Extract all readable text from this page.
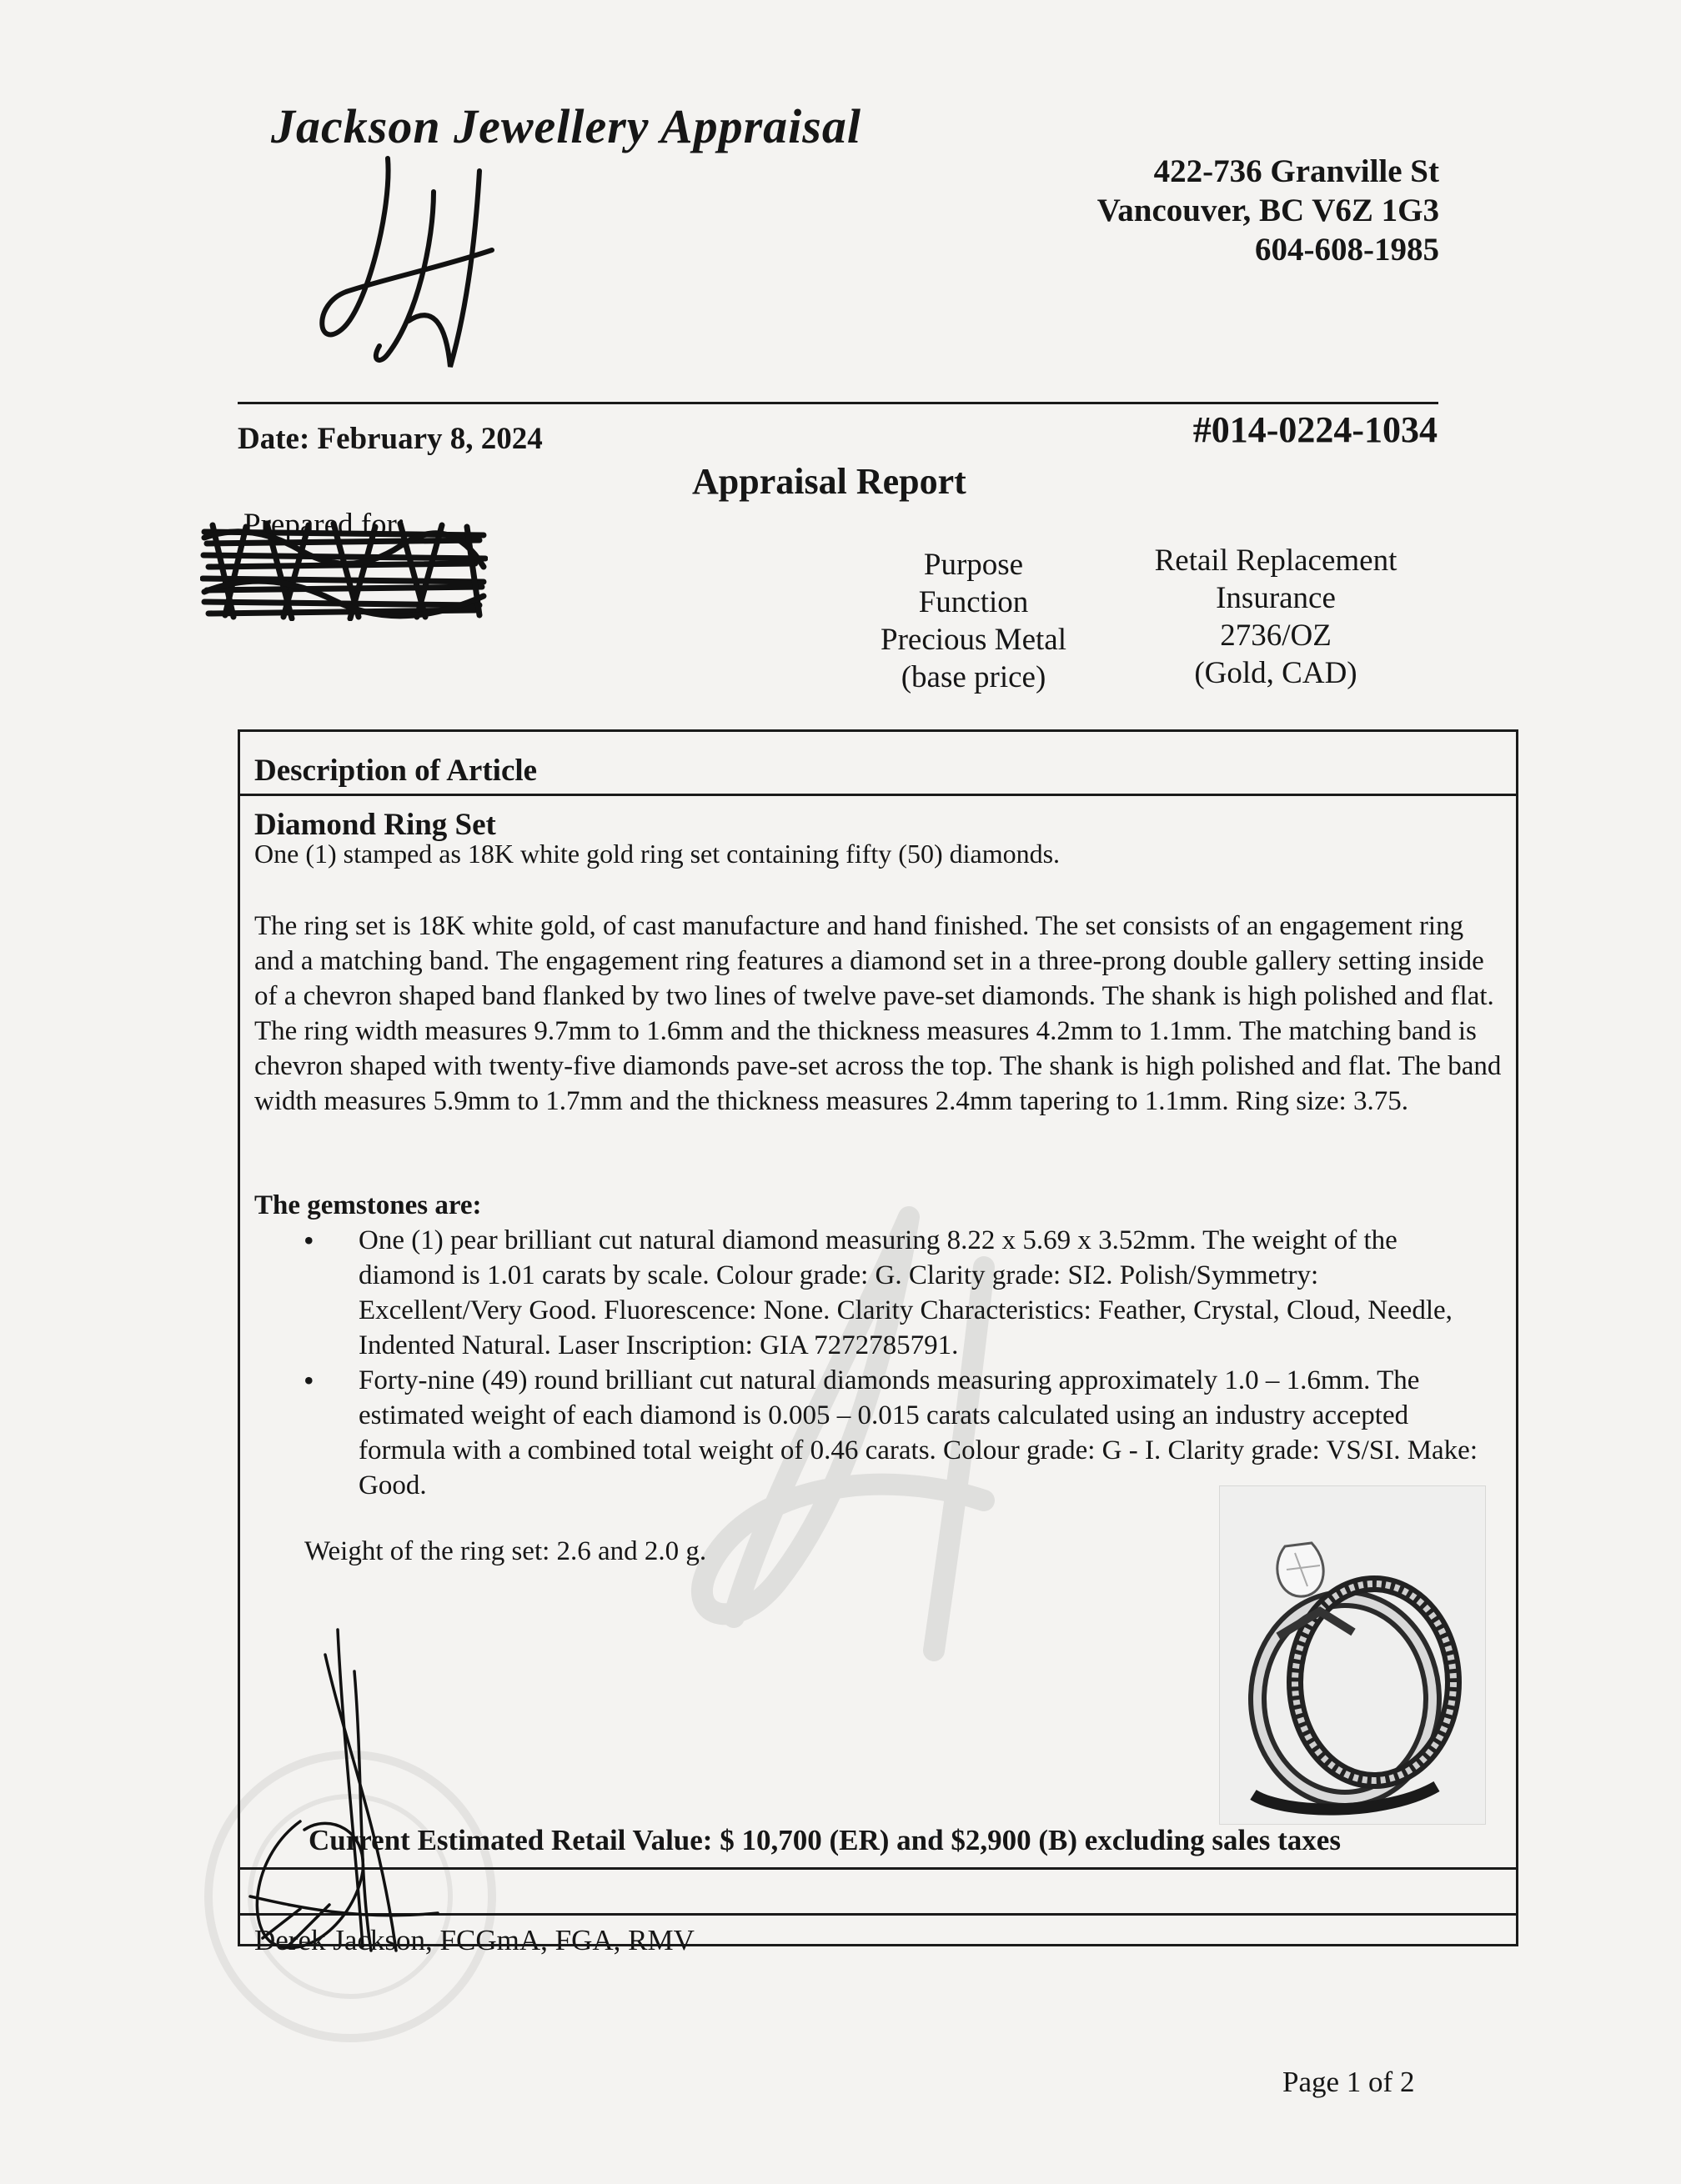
Jackson Jewellery Appraisal
422-736 Granville St
Vancouver, BC V6Z 1G3
604-608-1985
Date: February 8, 2024	#014-0224-1034
Appraisal Report
Prepared for:
Purpose
Function
Precious Metal
(base price)
Retail Replacement
Insurance
2736/OZ
(Gold, CAD)
Description of Article
Diamond Ring Set
One (1) stamped as 18K white gold ring set containing fifty (50) diamonds.
The ring set is 18K white gold, of cast manufacture and hand finished. The set consists of an engagement ring and a matching band. The engagement ring features a diamond set in a three-prong double gallery setting inside of a chevron shaped band flanked by two lines of twelve pave-set diamonds. The shank is high polished and flat. The ring width measures 9.7mm to 1.6mm and the thickness measures 4.2mm to 1.1mm. The matching band is chevron shaped with twenty-five diamonds pave-set across the top. The shank is high polished and flat. The band width measures 5.9mm to 1.7mm and the thickness measures 2.4mm tapering to 1.1mm. Ring size: 3.75.
The gemstones are:
• One (1) pear brilliant cut natural diamond measuring 8.22 x 5.69 x 3.52mm. The weight of the diamond is 1.01 carats by scale. Colour grade: G. Clarity grade: SI2. Polish/Symmetry: Excellent/Very Good. Fluorescence: None. Clarity Characteristics: Feather, Crystal, Cloud, Needle, Indented Natural. Laser Inscription: GIA 7272785791.
• Forty-nine (49) round brilliant cut natural diamonds measuring approximately 1.0 – 1.6mm. The estimated weight of each diamond is 0.005 – 0.015 carats calculated using an industry accepted formula with a combined total weight of 0.46 carats. Colour grade: G - I. Clarity grade: VS/SI. Make: Good.
Weight of the ring set: 2.6 and 2.0 g.
Current Estimated Retail Value: $ 10,700 (ER) and $2,900 (B) excluding sales taxes
Derek Jackson, FCGmA, FGA, RMV
Page 1 of 2
